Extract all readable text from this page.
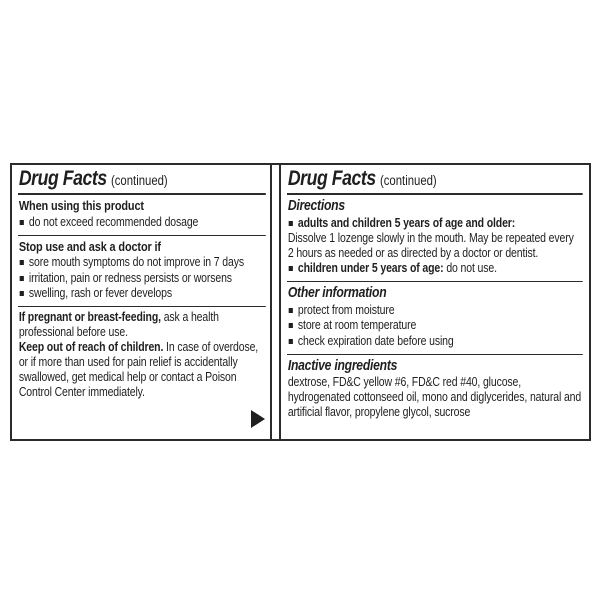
Drug Facts (continued)
When using this product
do not exceed recommended dosage
Stop use and ask a doctor if
sore mouth symptoms do not improve in 7 days
irritation, pain or redness persists or worsens
swelling, rash or fever develops

If pregnant or breast-feeding, ask a health professional before use.

Keep out of reach of children. In case of overdose, or if more than used for pain relief is accidentally swallowed, get medical help or contact a Poison Control Center immediately.

Drug Facts (continued)
Directions
adults and children 5 years of age and older:

Dissolve 1 lozenge slowly in the mouth. May be repeated every 2 hours as needed or as directed by a doctor or dentist.

children under 5 years of age: do not use.
Other information
protect from moisture
store at room temperature
check expiration date before using
Inactive ingredients

dextrose, FD&C yellow #6, FD&C red #40, glucose, hydrogenated cottonseed oil, mono and diglycerides, natural and artificial flavor, propylene glycol, sucrose
